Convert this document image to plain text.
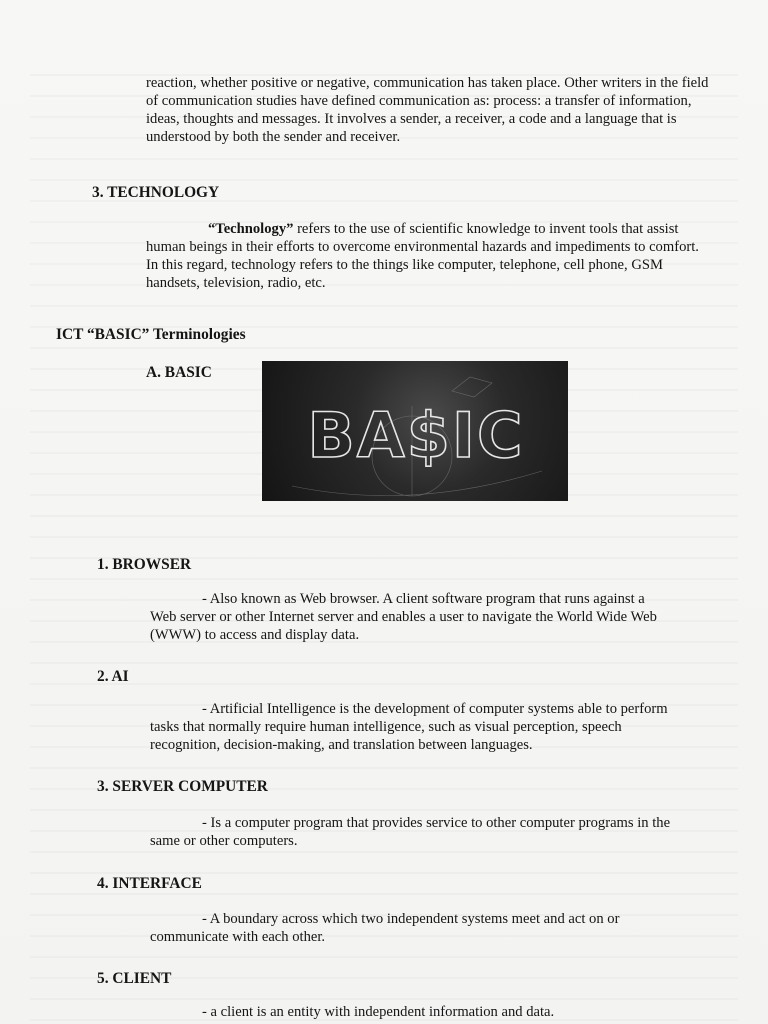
reaction, whether positive or negative, communication has taken place. Other writers in the field of communication studies have defined communication as: process: a transfer of information, ideas, thoughts and messages. It involves a sender, a receiver, a code and a language that is understood by both the sender and receiver.

3. TECHNOLOGY

“Technology” refers to the use of scientific knowledge to invent tools that assist human beings in their efforts to overcome environmental hazards and impediments to comfort. In this regard, technology refers to the things like computer, telephone, cell phone, GSM handsets, television, radio, etc.

ICT “BASIC” Terminologies
A. BASIC
BA$IC
1. BROWSER

- Also known as Web browser. A client software program that runs against a Web server or other Internet server and enables a user to navigate the World Wide Web (WWW) to access and display data.

2. AI

- Artificial Intelligence is the development of computer systems able to perform tasks that normally require human intelligence, such as visual perception, speech recognition, decision-making, and translation between languages.

3. SERVER COMPUTER

- Is a computer program that provides service to other computer programs in the same or other computers.

4. INTERFACE

- A boundary across which two independent systems meet and act on or communicate with each other.

5. CLIENT

- a client is an entity with independent information and data.
